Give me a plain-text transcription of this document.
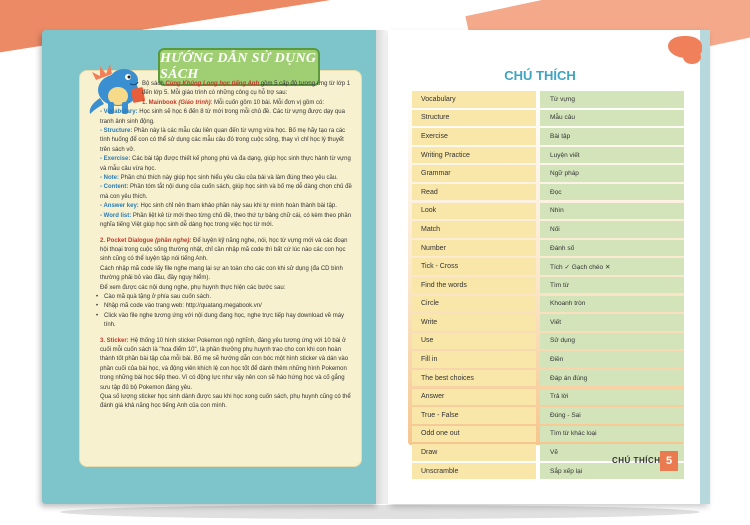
HƯỚNG DẪN SỬ DỤNG SÁCH

Bộ sách Cùng Khủng Long học tiếng Anh gồm 5 cấp độ tương ứng từ lớp 1 đến lớp 5. Mỗi giáo trình có những công cụ hỗ trợ sau:

1. Mainbook (Giáo trình): Mỗi cuốn gồm 10 bài. Mỗi đơn vị gồm có:

- Vocabulary: Học sinh sẽ học 6 đến 8 từ mới trong mỗi chủ đề. Các từ vựng được dạy qua tranh ảnh sinh động.

- Structure: Phần này là các mẫu câu liên quan đến từ vựng vừa học. Bố mẹ hãy tạo ra các tình huống để con có thể sử dụng các mẫu câu đó trong cuộc sống, thay vì chỉ học lý thuyết trên sách vở.

- Exercise: Các bài tập được thiết kế phong phú và đa dạng, giúp học sinh thực hành từ vựng và mẫu câu vừa học.

- Note: Phần chú thích này giúp học sinh hiểu yêu cầu của bài và làm đúng theo yêu cầu.

- Content: Phần tóm tắt nội dung của cuốn sách, giúp học sinh và bố mẹ dễ dàng chọn chủ đề mà con yêu thích.

- Answer key: Học sinh chỉ nên tham khảo phần này sau khi tự mình hoàn thành bài tập.

- Word list: Phần liệt kê từ mới theo từng chủ đề, theo thứ tự bảng chữ cái, có kèm theo phần nghĩa tiếng Việt giúp học sinh dễ dàng học trong việc học từ mới.

2. Pocket Dialogue (phần nghe): Để luyện kỹ năng nghe, nói, học từ vựng mới và các đoạn hội thoại trong cuộc sống thường nhật, chỉ cần nhập mã code thì bất cứ lúc nào các con học sinh cũng có thể luyện tập nói tiếng Anh.

Cách nhập mã code lấy file nghe mang lại sự an toàn cho các con khi sử dụng (đa CD bình thường phải bỏ vào đầu, đầy nguy hiểm).

Để xem được các nội dung nghe, phụ huynh thực hiện các bước sau:

• Cào mã quà tặng ở phía sau cuốn sách.

• Nhập mã code vào trang web: http://quatang.megabook.vn/

• Click vào file nghe tương ứng với nội dung đang học, nghe trực tiếp hay download về máy tính.

3. Sticker: Hệ thống 10 hình sticker Pokemon ngộ nghĩnh, đáng yêu tương ứng với 10 bài ở cuối mỗi cuốn sách là "hoa điểm 10", là phần thưởng phụ huynh trao cho con khi con hoàn thành tốt phần bài tập của mỗi bài. Bố mẹ sẽ hướng dẫn con bóc một hình sticker và dán vào phần cuối của bài học, và động viên khích lệ con học tốt để dành thêm những hình Pokemon trong những bài học tiếp theo. Vì có động lực như vậy nên con sẽ háo hứng học và cố gắng sưu tập đủ bộ Pokemon đáng yêu.

Qua số lượng sticker học sinh dành được sau khi học xong cuốn sách, phụ huynh cũng có thể đánh giá khả năng học tiếng Anh của con mình.

CHÚ THÍCH
Vocabulary	Từ vựng
Structure	Mẫu câu
Exercise	Bài tập
Writing Practice	Luyện viết
Grammar	Ngữ pháp
Read	Đọc
Look	Nhìn
Match	Nối
Number	Đánh số
Tick - Cross	Tích ✓ Gạch chéo ✕
Find the words	Tìm từ
Circle	Khoanh tròn
Write	Viết
Use	Sử dụng
Fill in	Điền
The best choices	Đáp án đúng
Answer	Trả lời
True - False	Đúng - Sai
Odd one out	Tìm từ khác loại
Draw	Vẽ
Unscramble	Sắp xếp lại
CHÚ THÍCH 5
